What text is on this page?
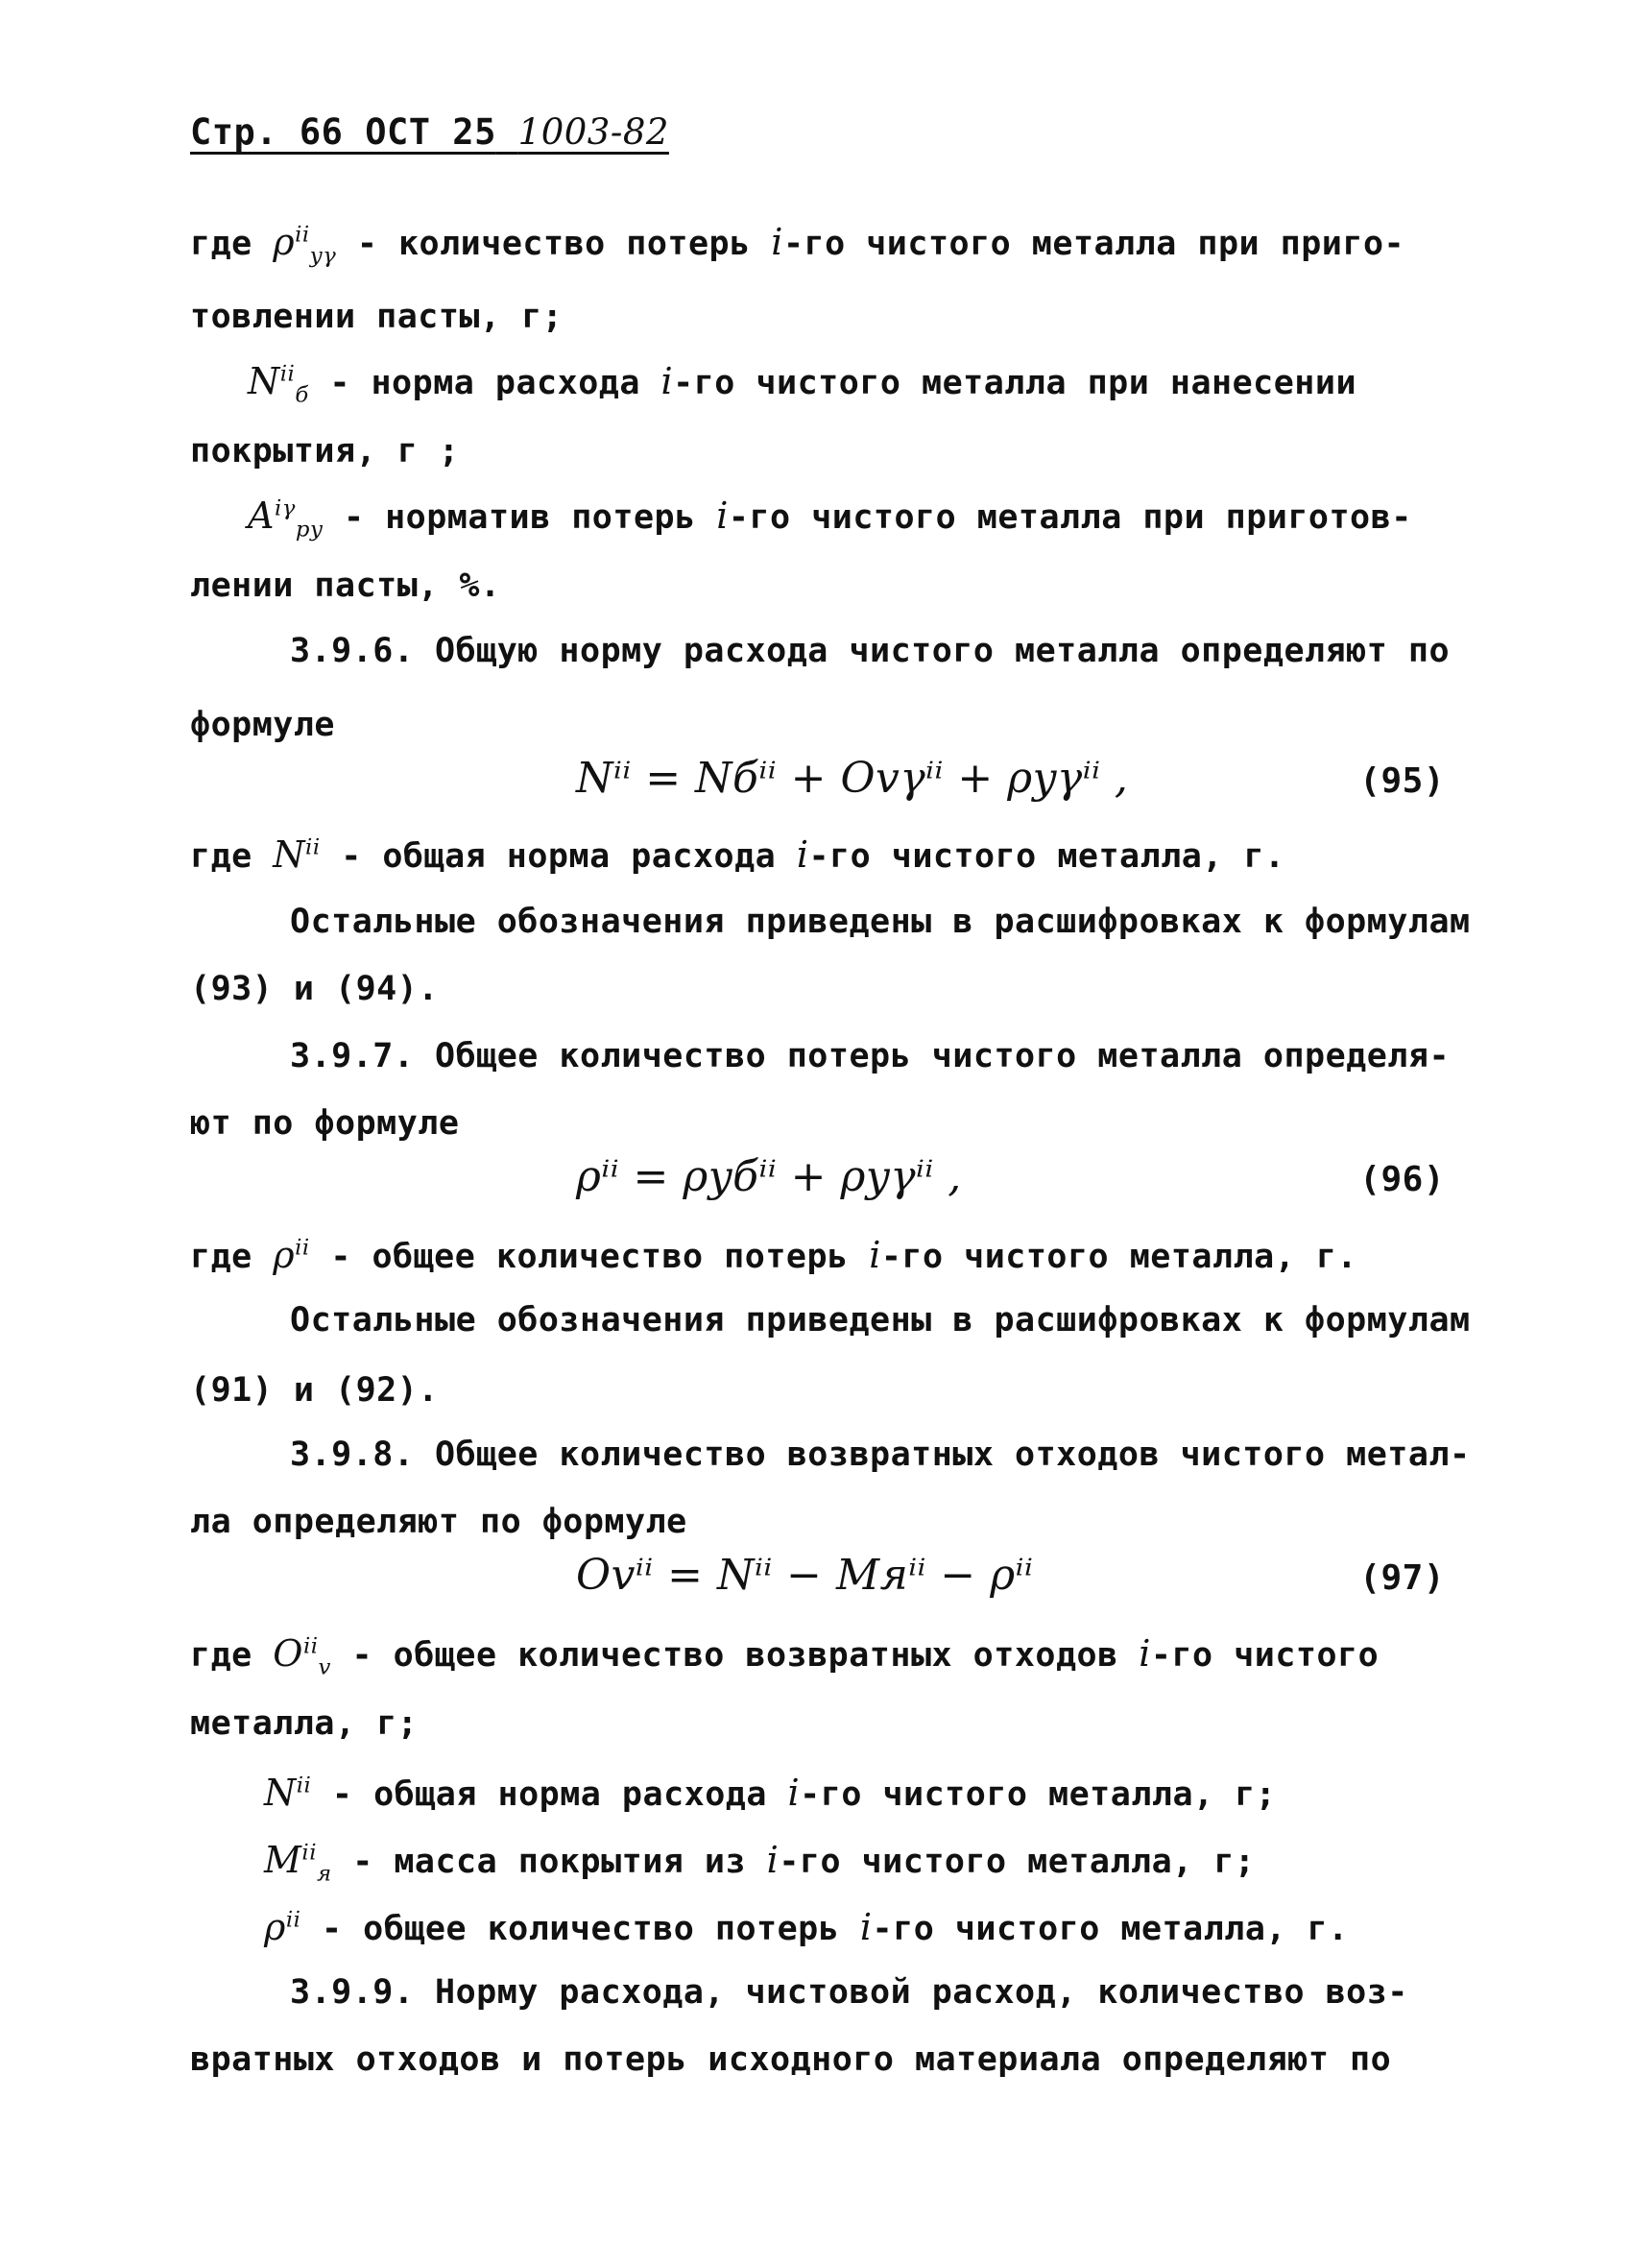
Стр. 66 ОСТ 25 1003-82
где $\rho^{ii}_{y\gamma}$ - количество потерь i-го чистого металла при приго-
товлении пасты, г;
$N^{ii}_б$ - норма расхода i-го чистого металла при нанесении
покрытия, г ;
$A^{i\gamma}_{py}$ - норматив потерь i-го чистого металла при приготов-
лении пасты, %.
3.9.6. Общую норму расхода чистого металла определяют по
формуле
Nⁱⁱ = Nбⁱⁱ + Ovγⁱⁱ + ρyγⁱⁱ ,	(95)
где $N^{ii}$ - общая норма расхода i-го чистого металла, г.
Остальные обозначения приведены в расшифровках к формулам
(93) и (94).
3.9.7. Общее количество потерь чистого металла определя-
ют по формуле
ρⁱⁱ = ρyбⁱⁱ + ρyγⁱⁱ ,	(96)
где $\rho^{ii}$ - общее количество потерь i-го чистого металла, г.
Остальные обозначения приведены в расшифровках к формулам
(91) и (92).
3.9.8. Общее количество возвратных отходов чистого метал-
ла определяют по формуле
Ovⁱⁱ = Nⁱⁱ − Mяⁱⁱ − ρⁱⁱ	(97)
где $O^{ii}_v$ - общее количество возвратных отходов i-го чистого
металла, г;
$N^{ii}$ - общая норма расхода i-го чистого металла, г;
$M^{ii}_я$ - масса покрытия из i-го чистого металла, г;
$\rho^{ii}$ - общее количество потерь i-го чистого металла, г.
3.9.9. Норму расхода, чистовой расход, количество воз-
вратных отходов и потерь исходного материала определяют по
